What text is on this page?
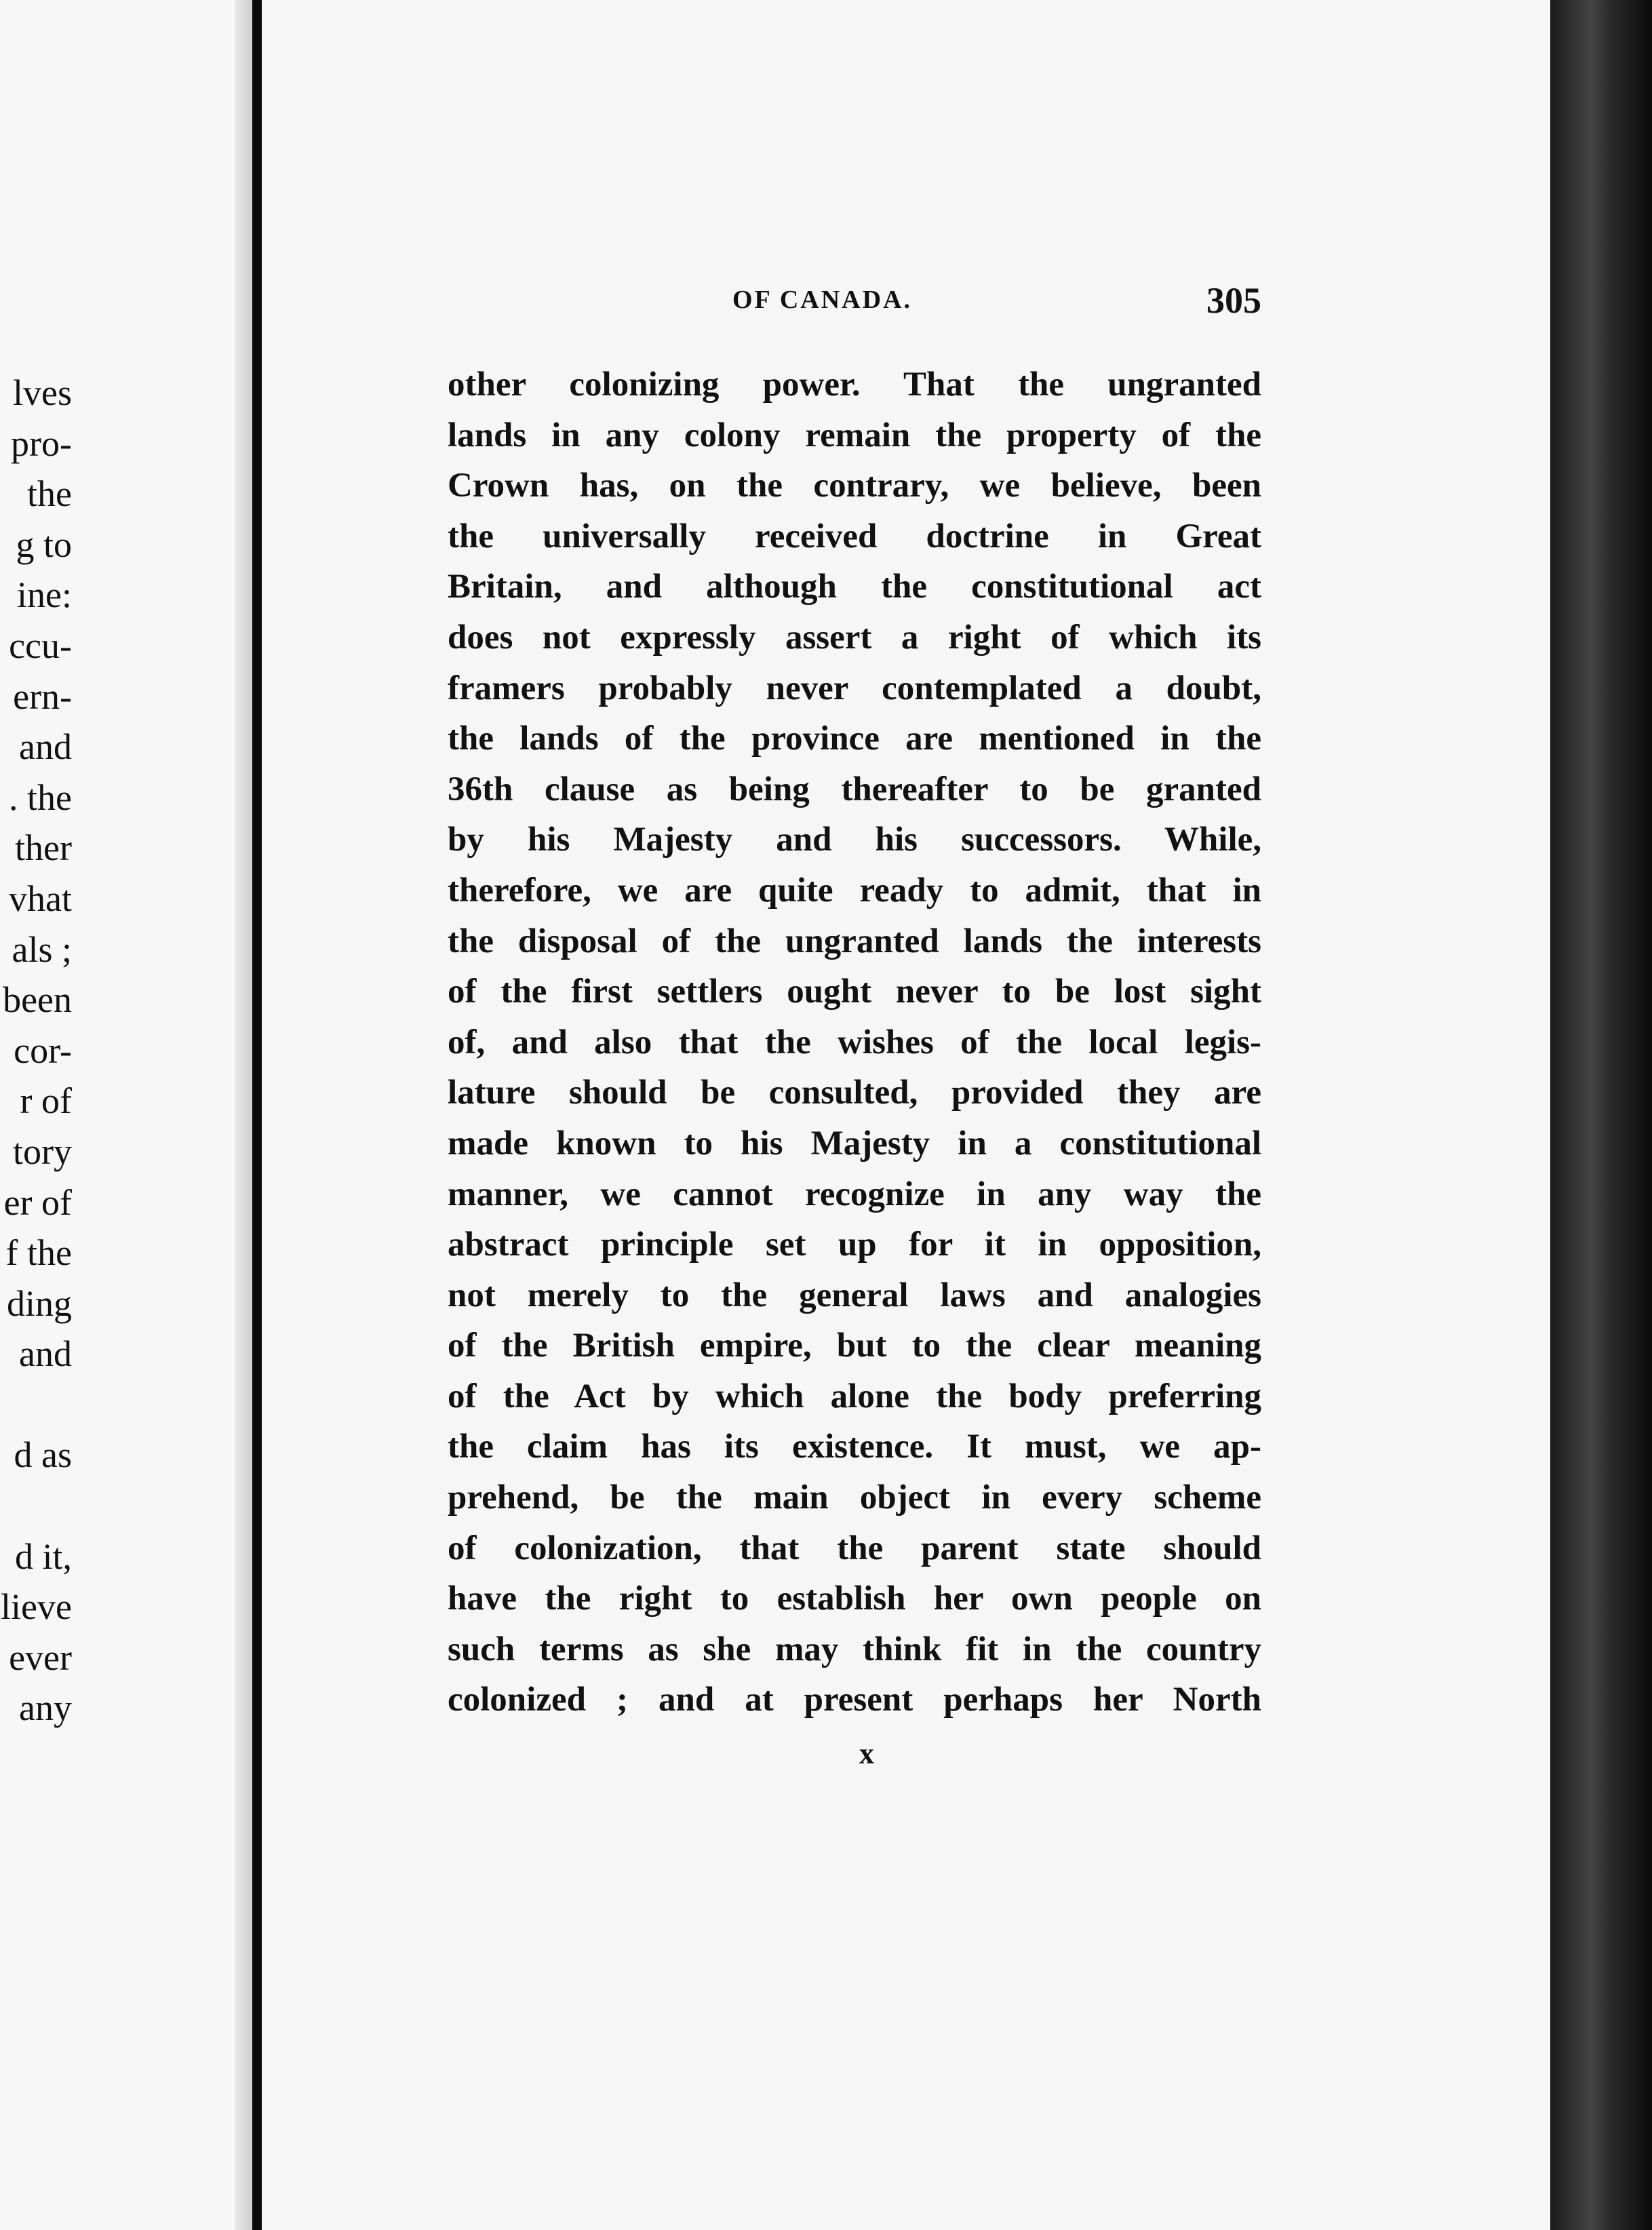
lves
pro-
the
g to
ine:
ccu-
ern-
and
. the
ther
vhat
als ;
been
cor-
r of
tory
er of
f the
ding
and
d as
d it,
lieve
ever
any
OF CANADA.	305
other colonizing power. That the ungranted
lands in any colony remain the property of the
Crown has, on the contrary, we believe, been
the universally received doctrine in Great
Britain, and although the constitutional act
does not expressly assert a right of which its
framers probably never contemplated a doubt,
the lands of the province are mentioned in the
36th clause as being thereafter to be granted
by his Majesty and his successors. While,
therefore, we are quite ready to admit, that in
the disposal of the ungranted lands the interests
of the first settlers ought never to be lost sight
of, and also that the wishes of the local legis-
lature should be consulted, provided they are
made known to his Majesty in a constitutional
manner, we cannot recognize in any way the
abstract principle set up for it in opposition,
not merely to the general laws and analogies
of the British empire, but to the clear meaning
of the Act by which alone the body preferring
the claim has its existence. It must, we ap-
prehend, be the main object in every scheme
of colonization, that the parent state should
have the right to establish her own people on
such terms as she may think fit in the country
colonized ; and at present perhaps her North
x
